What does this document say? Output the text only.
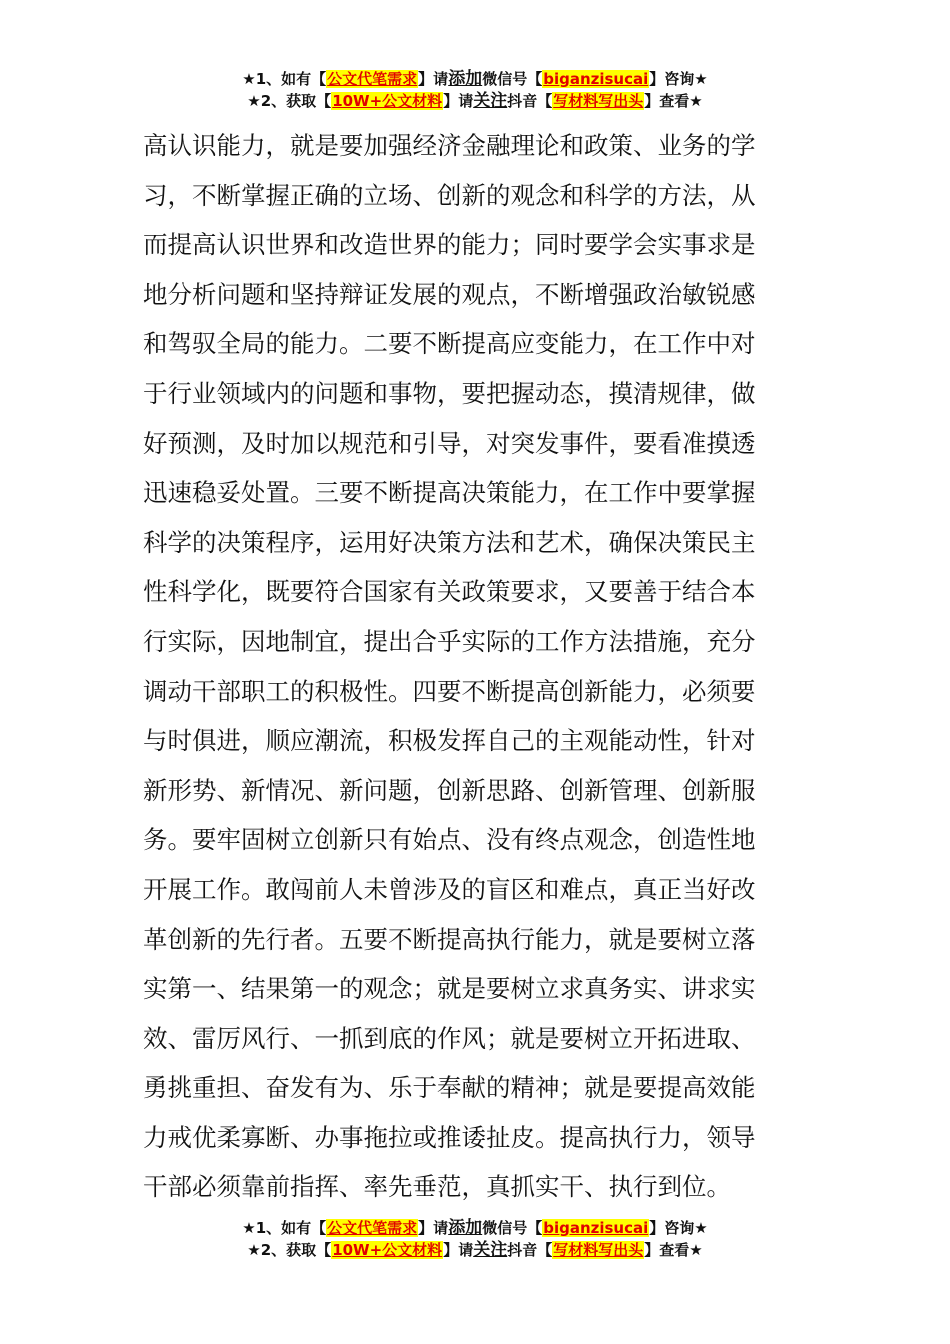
★1、如有【公文代笔需求】请添加微信号【biganzisucai】咨询★
★2、获取【10W+公文材料】请关注抖音【写材料写出头】查看★
高认识能力，就是要加强经济金融理论和政策、业务的学
习，不断掌握正确的立场、创新的观念和科学的方法，从
而提高认识世界和改造世界的能力；同时要学会实事求是
地分析问题和坚持辩证发展的观点，不断增强政治敏锐感
和驾驭全局的能力。二要不断提高应变能力，在工作中对
于行业领域内的问题和事物，要把握动态，摸清规律，做
好预测，及时加以规范和引导，对突发事件，要看准摸透
迅速稳妥处置。三要不断提高决策能力，在工作中要掌握
科学的决策程序，运用好决策方法和艺术，确保决策民主
性科学化，既要符合国家有关政策要求，又要善于结合本
行实际，因地制宜，提出合乎实际的工作方法措施，充分
调动干部职工的积极性。四要不断提高创新能力，必须要
与时俱进，顺应潮流，积极发挥自己的主观能动性，针对
新形势、新情况、新问题，创新思路、创新管理、创新服
务。要牢固树立创新只有始点、没有终点观念，创造性地
开展工作。敢闯前人未曾涉及的盲区和难点，真正当好改
革创新的先行者。五要不断提高执行能力，就是要树立落
实第一、结果第一的观念；就是要树立求真务实、讲求实
效、雷厉风行、一抓到底的作风；就是要树立开拓进取、
勇挑重担、奋发有为、乐于奉献的精神；就是要提高效能
力戒优柔寡断、办事拖拉或推诿扯皮。提高执行力，领导
干部必须靠前指挥、率先垂范，真抓实干、执行到位。
★1、如有【公文代笔需求】请添加微信号【biganzisucai】咨询★
★2、获取【10W+公文材料】请关注抖音【写材料写出头】查看★
